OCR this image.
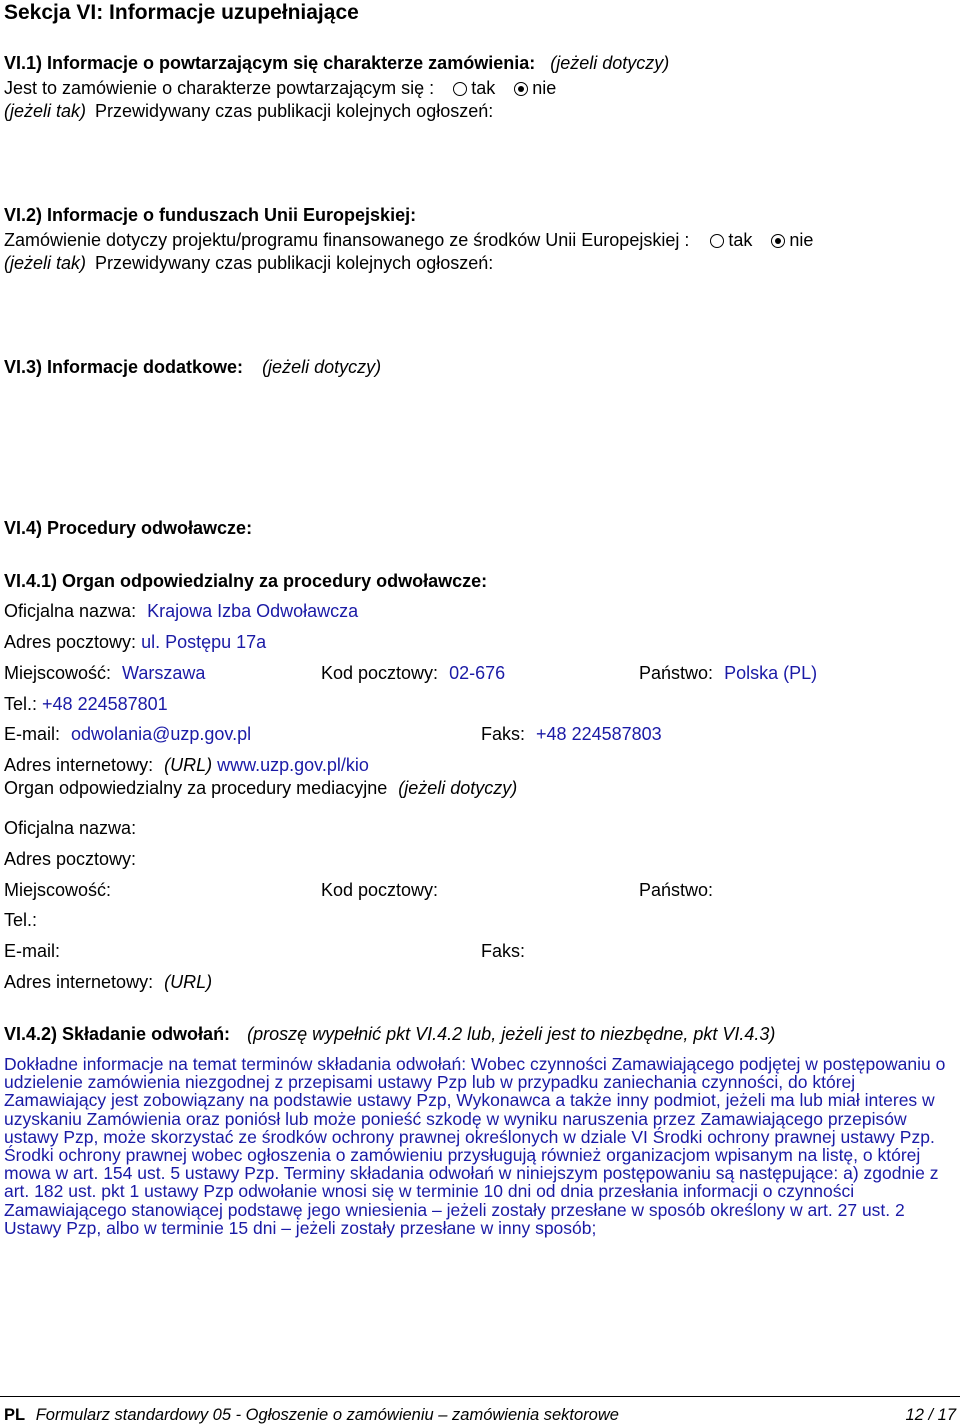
Sekcja VI: Informacje uzupełniające
VI.1) Informacje o powtarzającym się charakterze zamówienia: (jeżeli dotyczy)
Jest to zamówienie o charakterze powtarzającym się : tak nie
(jeżeli tak) Przewidywany czas publikacji kolejnych ogłoszeń:
VI.2) Informacje o funduszach Unii Europejskiej:
Zamówienie dotyczy projektu/programu finansowanego ze środków Unii Europejskiej : tak nie
(jeżeli tak) Przewidywany czas publikacji kolejnych ogłoszeń:
VI.3) Informacje dodatkowe: (jeżeli dotyczy)
VI.4) Procedury odwoławcze:
VI.4.1) Organ odpowiedzialny za procedury odwoławcze:
Oficjalna nazwa: Krajowa Izba Odwoławcza
Adres pocztowy: ul. Postępu 17a
Miejscowość: Warszawa	Kod pocztowy: 02-676	Państwo: Polska (PL)
Tel.: +48 224587801
E-mail: odwolania@uzp.gov.pl	Faks: +48 224587803
Adres internetowy: (URL) www.uzp.gov.pl/kio
Organ odpowiedzialny za procedury mediacyjne (jeżeli dotyczy)
Oficjalna nazwa:
Adres pocztowy:
Miejscowość:	Kod pocztowy:	Państwo:
Tel.:
E-mail:	Faks:
Adres internetowy: (URL)
VI.4.2) Składanie odwołań: (proszę wypełnić pkt VI.4.2 lub, jeżeli jest to niezbędne, pkt VI.4.3)
Dokładne informacje na temat terminów składania odwołań: Wobec czynności Zamawiającego podjętej w postępowaniu o udzielenie zamówienia niezgodnej z przepisami ustawy Pzp lub w przypadku zaniechania czynności, do której Zamawiający jest zobowiązany na podstawie ustawy Pzp, Wykonawca a także inny podmiot, jeżeli ma lub miał interes w uzyskaniu Zamówienia oraz poniósł lub może ponieść szkodę w wyniku naruszenia przez Zamawiającego przepisów ustawy Pzp, może skorzystać ze środków ochrony prawnej określonych w dziale VI Środki ochrony prawnej ustawy Pzp. Środki ochrony prawnej wobec ogłoszenia o zamówieniu przysługują również organizacjom wpisanym na listę, o której mowa w art. 154 ust. 5 ustawy Pzp. Terminy składania odwołań w niniejszym postępowaniu są następujące: a) zgodnie z art. 182 ust. pkt 1 ustawy Pzp odwołanie wnosi się w terminie 10 dni od dnia przesłania informacji o czynności Zamawiającego stanowiącej podstawę jego wniesienia – jeżeli zostały przesłane w sposób określony w art. 27 ust. 2 Ustawy Pzp, albo w terminie 15 dni – jeżeli zostały przesłane w inny sposób;
PL Formularz standardowy 05 - Ogłoszenie o zamówieniu – zamówienia sektorowe	12 / 17
